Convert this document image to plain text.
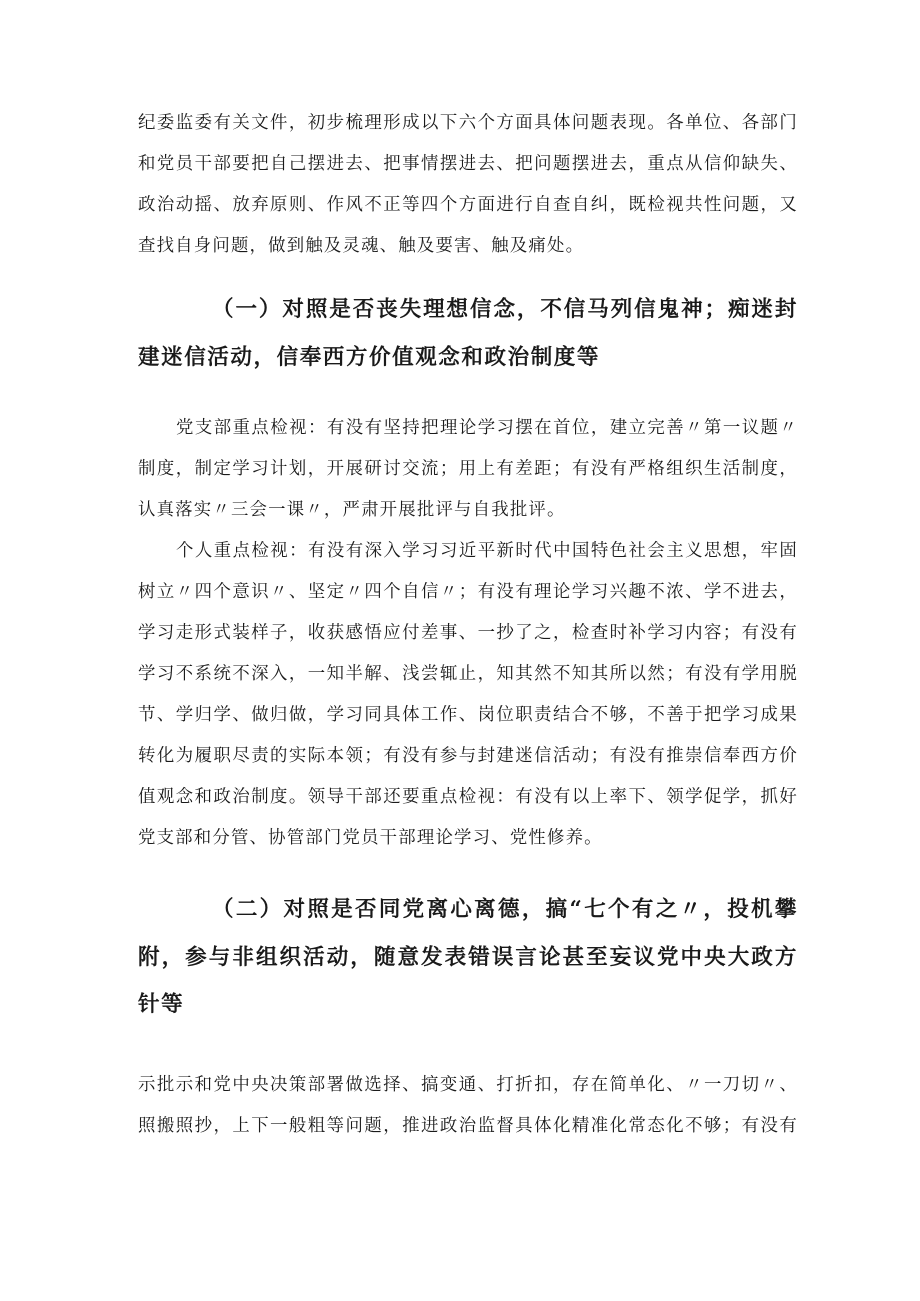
纪委监委有关文件，初步梳理形成以下六个方面具体问题表现。各单位、各部门
和党员干部要把自己摆进去、把事情摆进去、把问题摆进去，重点从信仰缺失、
政治动摇、放弃原则、作风不正等四个方面进行自查自纠，既检视共性问题，又
查找自身问题，做到触及灵魂、触及要害、触及痛处。
（一）对照是否丧失理想信念，不信马列信鬼神；痴迷封
建迷信活动，信奉西方价值观念和政治制度等
党支部重点检视：有没有坚持把理论学习摆在首位，建立完善〃第一议题〃
制度，制定学习计划，开展研讨交流；用上有差距；有没有严格组织生活制度，
认真落实〃三会一课〃，严肃开展批评与自我批评。
个人重点检视：有没有深入学习习近平新时代中国特色社会主义思想，牢固
树立〃四个意识〃、坚定〃四个自信〃；有没有理论学习兴趣不浓、学不进去，
学习走形式装样子，收获感悟应付差事、一抄了之，检查时补学习内容；有没有
学习不系统不深入，一知半解、浅尝辄止，知其然不知其所以然；有没有学用脱
节、学归学、做归做，学习同具体工作、岗位职责结合不够，不善于把学习成果
转化为履职尽责的实际本领；有没有参与封建迷信活动；有没有推崇信奉西方价
值观念和政治制度。领导干部还要重点检视：有没有以上率下、领学促学，抓好
党支部和分管、协管部门党员干部理论学习、党性修养。
（二）对照是否同党离心离德，搞“七个有之〃，投机攀
附，参与非组织活动，随意发表错误言论甚至妄议党中央大政方
针等
示批示和党中央决策部署做选择、搞变通、打折扣，存在简单化、〃一刀切〃、
照搬照抄，上下一般粗等问题，推进政治监督具体化精准化常态化不够；有没有
